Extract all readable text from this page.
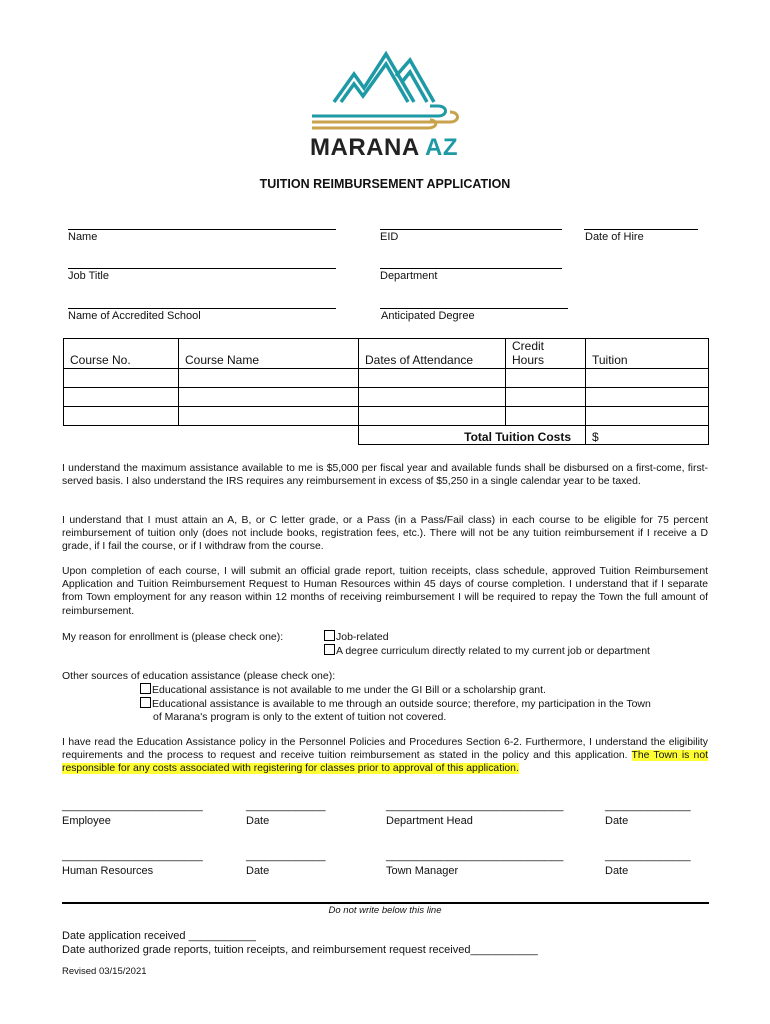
MARANA AZ
TUITION REIMBURSEMENT APPLICATION
Name	EID	Date of Hire
Job Title	Department
Name of Accredited School	Anticipated Degree
Course No.	Course Name	Dates of Attendance	Credit Hours	Tuition

		Total Tuition Costs		$
I understand the maximum assistance available to me is $5,000 per fiscal year and available funds shall be disbursed on a first-come, first-served basis. I also understand the IRS requires any reimbursement in excess of $5,250 in a single calendar year to be taxed.
I understand that I must attain an A, B, or C letter grade, or a Pass (in a Pass/Fail class) in each course to be eligible for 75 percent reimbursement of tuition only (does not include books, registration fees, etc.). There will not be any tuition reimbursement if I receive a D grade, if I fail the course, or if I withdraw from the course.
Upon completion of each course, I will submit an official grade report, tuition receipts, class schedule, approved Tuition Reimbursement Application and Tuition Reimbursement Request to Human Resources within 45 days of course completion. I understand that if I separate from Town employment for any reason within 12 months of receiving reimbursement I will be required to repay the Town the full amount of reimbursement.
My reason for enrollment is (please check one):	Job-related
A degree curriculum directly related to my current job or department
Other sources of education assistance (please check one):
Educational assistance is not available to me under the GI Bill or a scholarship grant.
Educational assistance is available to me through an outside source; therefore, my participation in the Town
of Marana's program is only to the extent of tuition not covered.
I have read the Education Assistance policy in the Personnel Policies and Procedures Section 6-2. Furthermore, I understand the eligibility requirements and the process to request and receive tuition reimbursement as stated in the policy and this application. The Town is not responsible for any costs associated with registering for classes prior to approval of this application.
_______________________	_____________	_____________________________	______________
Employee	Date	Department Head	Date
_______________________	_____________	_____________________________	______________
Human Resources	Date	Town Manager	Date
Do not write below this line
Date application received ___________
Date authorized grade reports, tuition receipts, and reimbursement request received___________
Revised 03/15/2021
